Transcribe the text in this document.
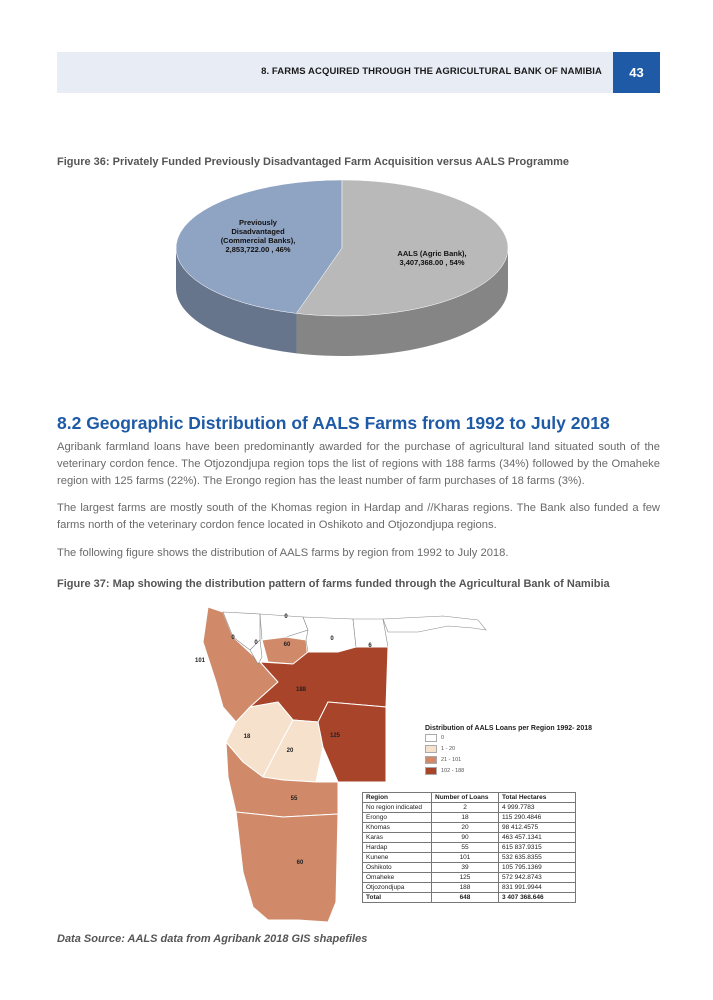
8. FARMS ACQUIRED THROUGH THE AGRICULTURAL BANK OF NAMIBIA	43
Figure 36: Privately Funded Previously Disadvantaged Farm Acquisition versus AALS Programme
Previously Disadvantaged (Commercial Banks), 2,853,722.00 , 46%	AALS (Agric Bank), 3,407,368.00 , 54%
8.2 Geographic Distribution of AALS Farms from 1992 to July 2018

Agribank farmland loans have been predominantly awarded for the purchase of agricultural land situated south of the veterinary cordon fence. The Otjozondjupa region tops the list of regions with 188 farms (34%) followed by the Omaheke region with 125 farms (22%). The Erongo region has the least number of farm purchases of 18 farms (3%).

The largest farms are mostly south of the Khomas region in Hardap and //Kharas regions. The Bank also funded a few farms north of the veterinary cordon fence located in Oshikoto and Otjozondjupa regions.

The following figure shows the distribution of AALS farms by region from 1992 to July 2018.

Figure 37: Map showing the distribution pattern of farms funded through the Agricultural Bank of Namibia
0
0
0	60
0
6
101
188
18	125
20
55
60
Distribution of AALS Loans per Region 1992- 2018
0
1 - 20
21 - 101
102 - 188
Region	Number of Loans	Total Hectares
No region indicated	2	4 999.7783
Erongo	18	115 290.4846
Khomas	20	98 412.4575
Karas	90	463 457.1341
Hardap	55	615 837.9315
Kunene	101	532 635.8355
Oshikoto	39	105 795.1369
Omaheke	125	572 942.8743
Otjozondjupa	188	831 991.9944
Total	648	3 407 368.646
Data Source: AALS data from Agribank 2018 GIS shapefiles
